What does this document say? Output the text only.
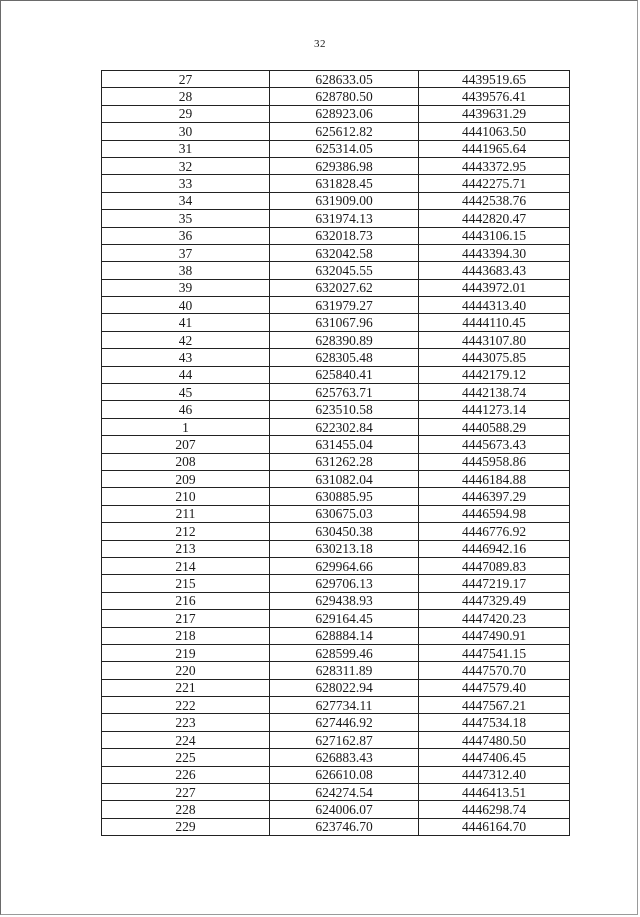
32
27	628633.05	4439519.65
28	628780.50	4439576.41
29	628923.06	4439631.29
30	625612.82	4441063.50
31	625314.05	4441965.64
32	629386.98	4443372.95
33	631828.45	4442275.71
34	631909.00	4442538.76
35	631974.13	4442820.47
36	632018.73	4443106.15
37	632042.58	4443394.30
38	632045.55	4443683.43
39	632027.62	4443972.01
40	631979.27	4444313.40
41	631067.96	4444110.45
42	628390.89	4443107.80
43	628305.48	4443075.85
44	625840.41	4442179.12
45	625763.71	4442138.74
46	623510.58	4441273.14
1	622302.84	4440588.29
207	631455.04	4445673.43
208	631262.28	4445958.86
209	631082.04	4446184.88
210	630885.95	4446397.29
211	630675.03	4446594.98
212	630450.38	4446776.92
213	630213.18	4446942.16
214	629964.66	4447089.83
215	629706.13	4447219.17
216	629438.93	4447329.49
217	629164.45	4447420.23
218	628884.14	4447490.91
219	628599.46	4447541.15
220	628311.89	4447570.70
221	628022.94	4447579.40
222	627734.11	4447567.21
223	627446.92	4447534.18
224	627162.87	4447480.50
225	626883.43	4447406.45
226	626610.08	4447312.40
227	624274.54	4446413.51
228	624006.07	4446298.74
229	623746.70	4446164.70
